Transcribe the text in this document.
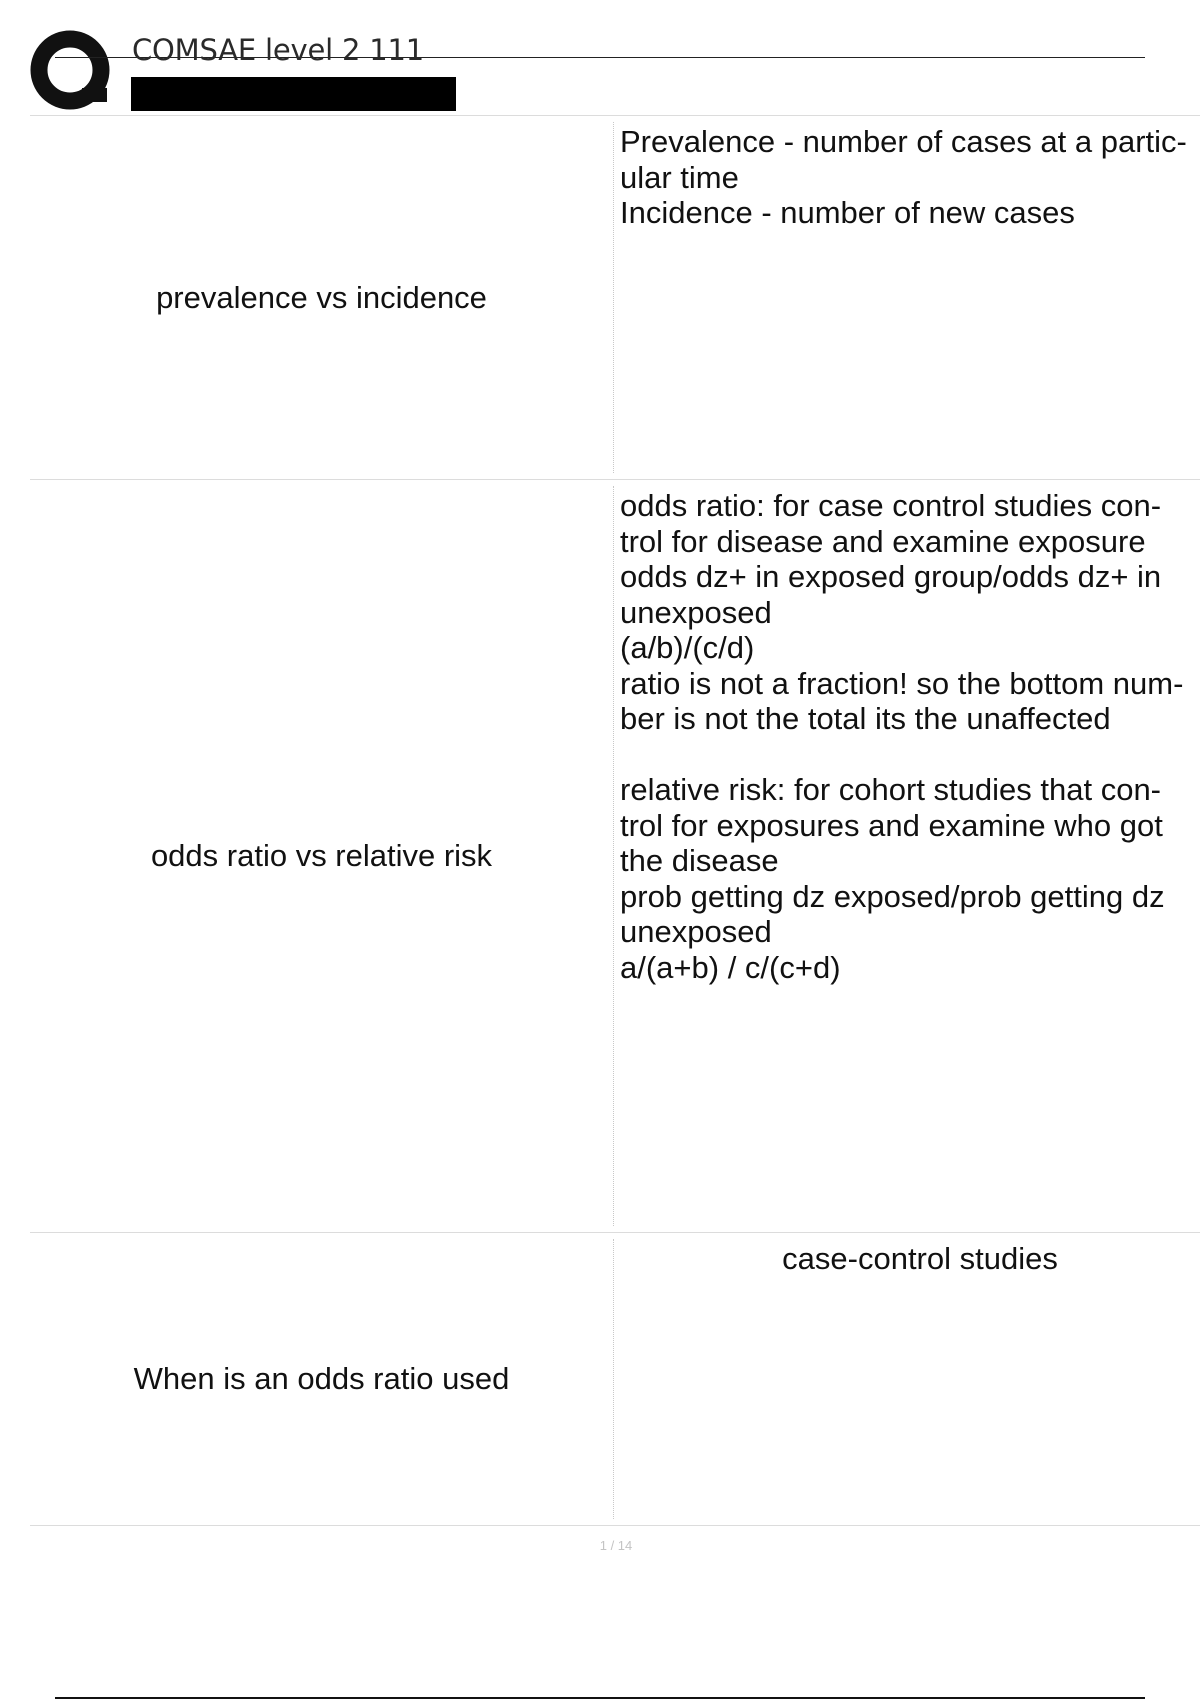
COMSAE level 2 111
prevalence vs incidence
Prevalence - number of cases at a partic-
ular time
Incidence - number of new cases
odds ratio vs relative risk
odds ratio: for case control studies con-
trol for disease and examine exposure
odds dz+ in exposed group/odds dz+ in
unexposed
(a/b)/(c/d)
ratio is not a fraction! so the bottom num-
ber is not the total its the unaffected

relative risk: for cohort studies that con-
trol for exposures and examine who got
the disease
prob getting dz exposed/prob getting dz
unexposed
a/(a+b) / c/(c+d)
When is an odds ratio used
case-control studies
1 / 14
